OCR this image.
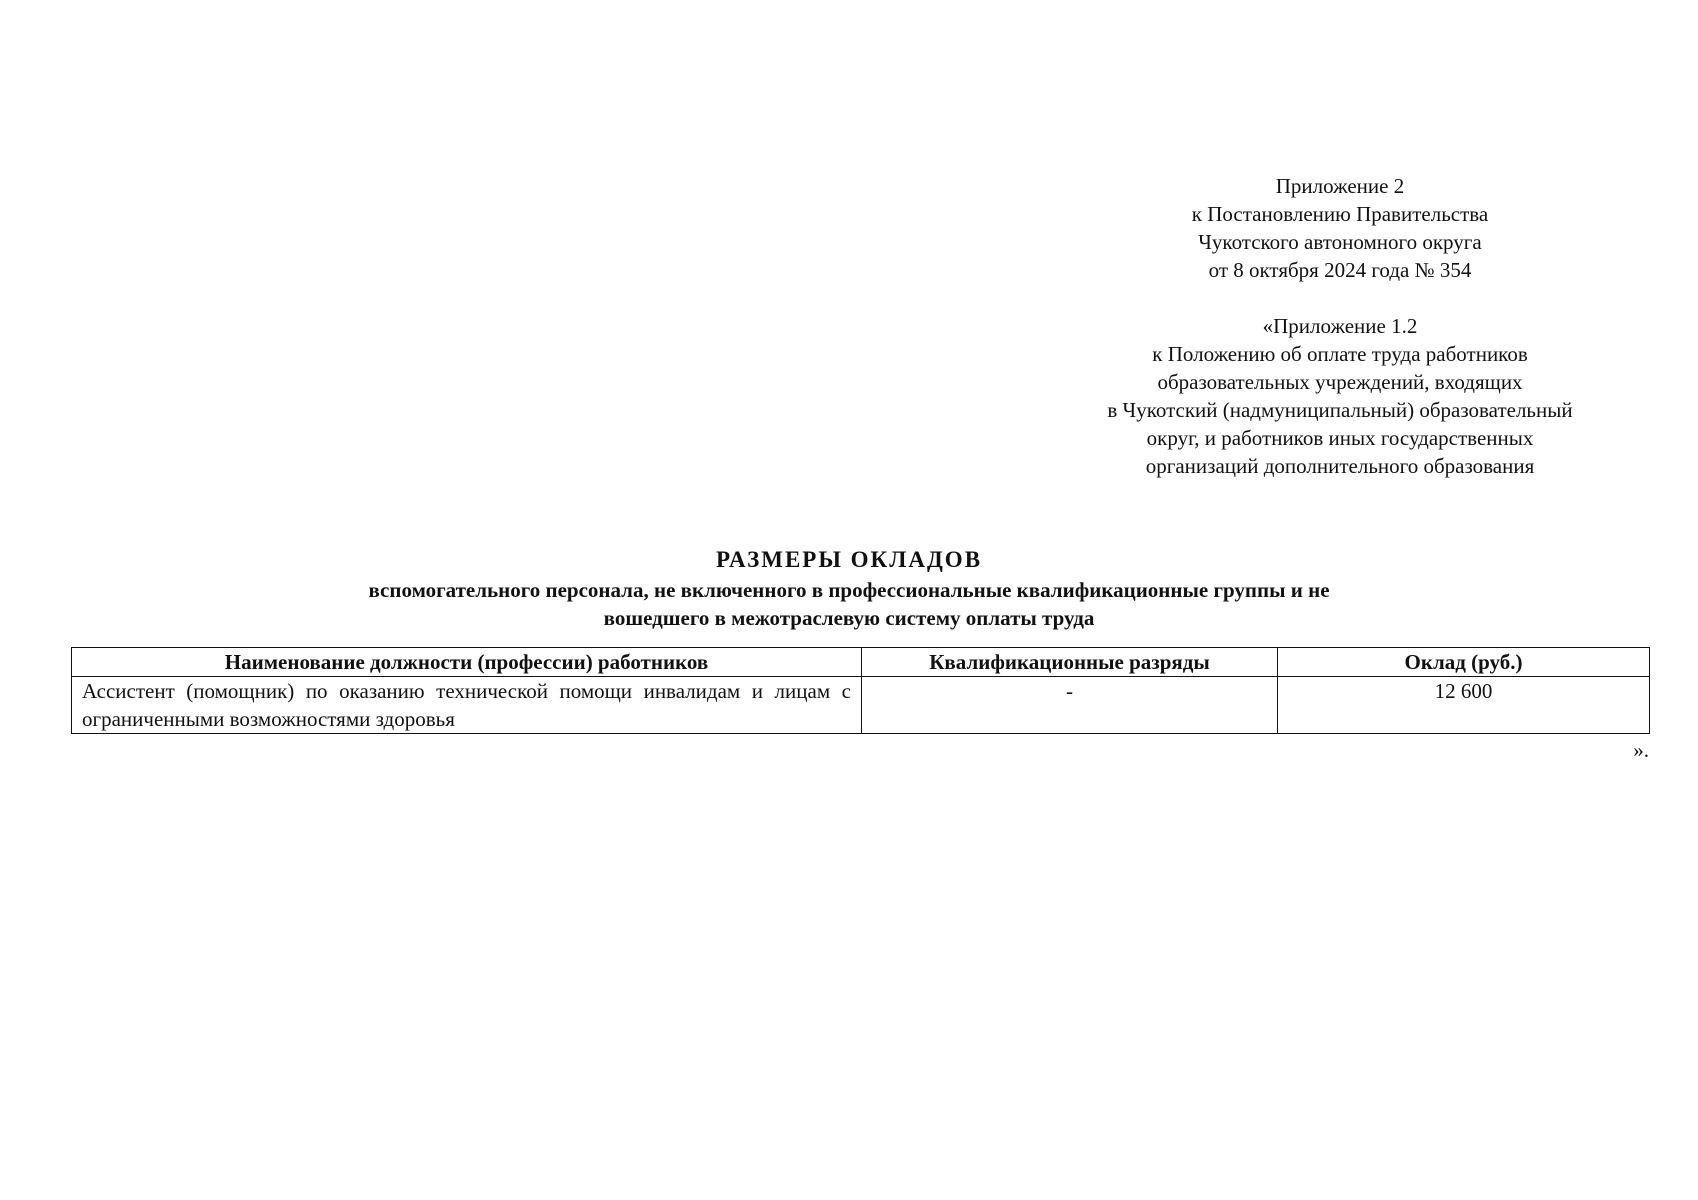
Приложение 2
к Постановлению Правительства
Чукотского автономного округа
от 8 октября 2024 года № 354
«Приложение 1.2
к Положению об оплате труда работников
образовательных учреждений, входящих
в Чукотский (надмуниципальный) образовательный
округ, и работников иных государственных
организаций дополнительного образования
РАЗМЕРЫ ОКЛАДОВ
вспомогательного персонала, не включенного в профессиональные квалификационные группы и не
вошедшего в межотраслевую систему оплаты труда
Наименование должности (профессии) работников	Квалификационные разряды	Оклад (руб.)
Ассистент (помощник) по оказанию технической помощи инвалидам и лицам с ограниченными возможностями здоровья	-	12 600
».
